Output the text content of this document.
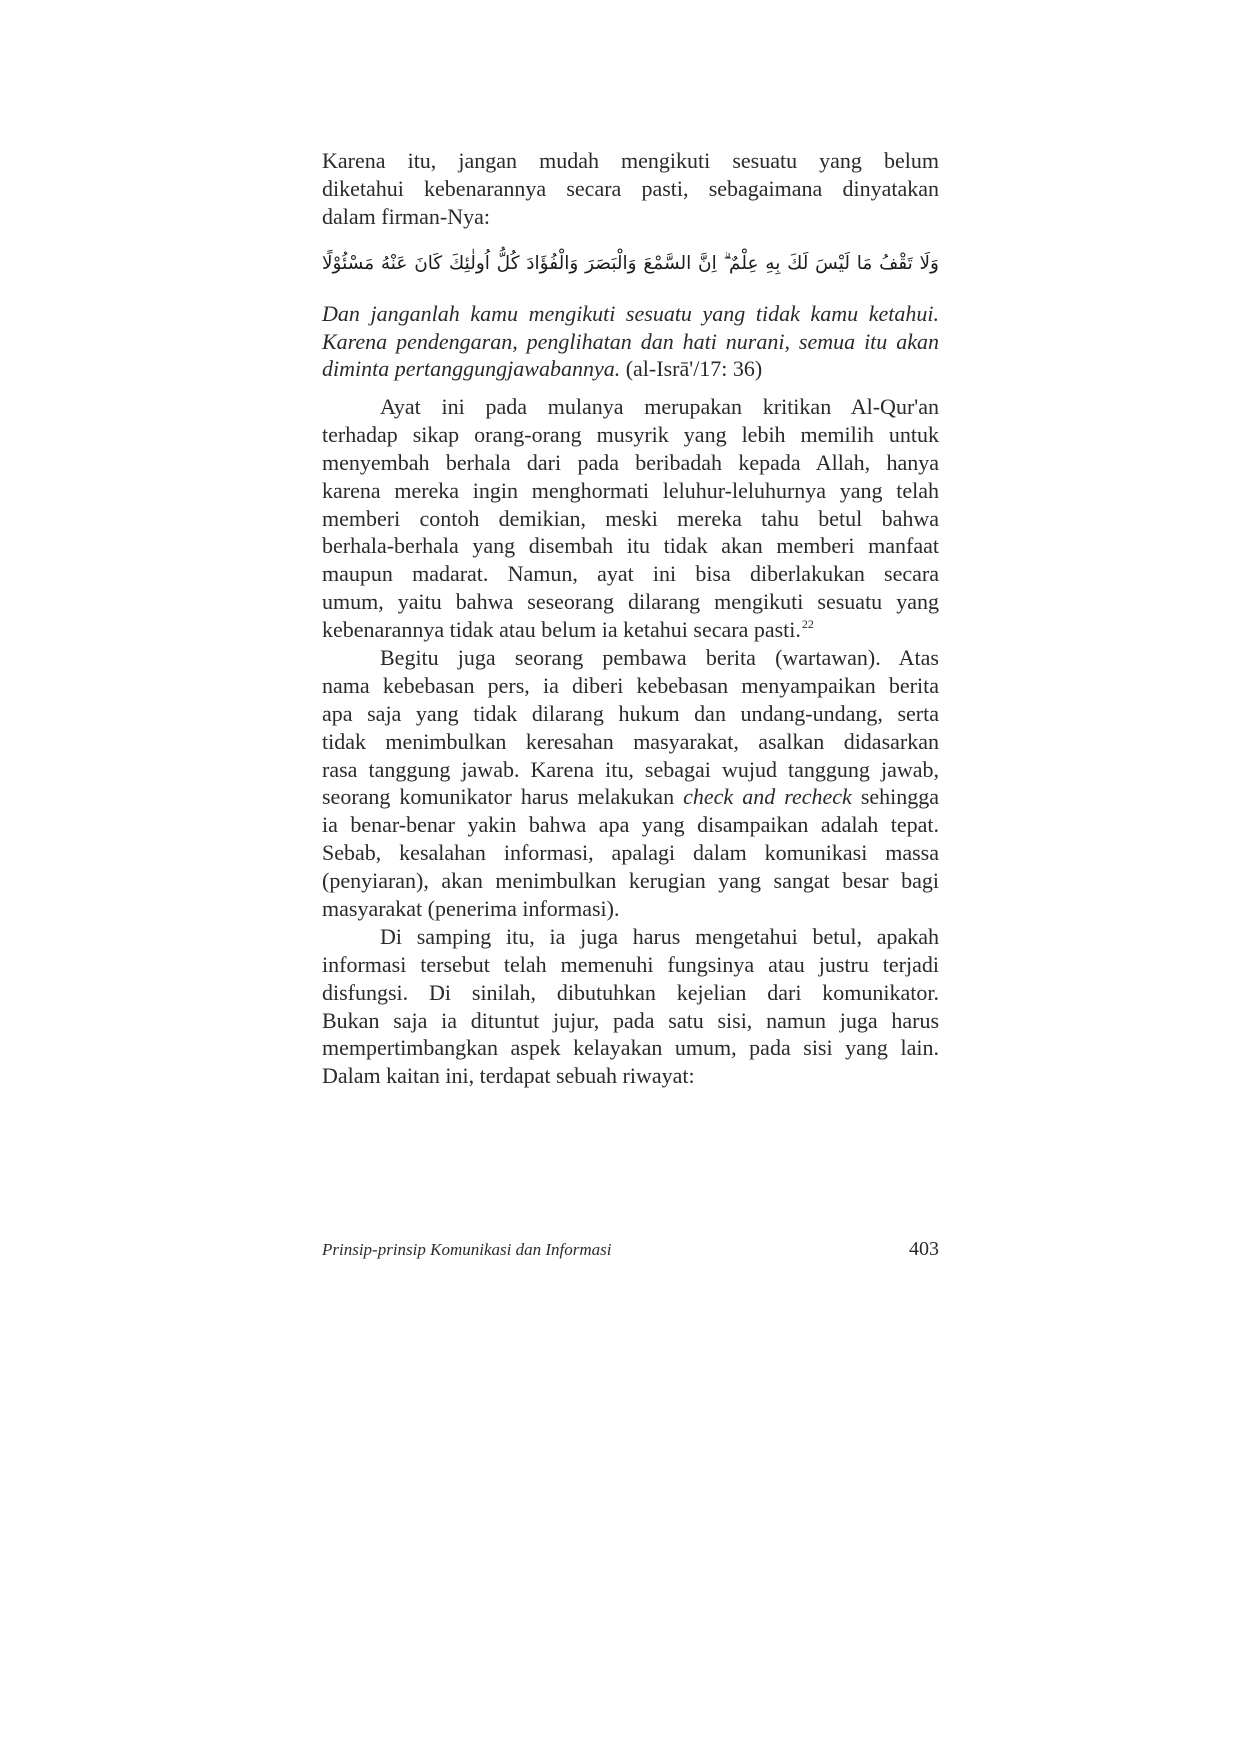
Karena itu, jangan mudah mengikuti sesuatu yang belum
diketahui kebenarannya secara pasti, sebagaimana dinyatakan
dalam firman-Nya:
وَلَا تَقْفُ مَا لَيْسَ لَكَ بِهِ عِلْمٌ ۗ اِنَّ السَّمْعَ وَالْبَصَرَ وَالْفُؤَادَ كُلُّ اُولٰئِكَ كَانَ عَنْهُ مَسْئُوْلًا
Dan janganlah kamu mengikuti sesuatu yang tidak kamu ketahui.
Karena pendengaran, penglihatan dan hati nurani, semua itu akan
diminta pertanggungjawabannya. (al-Isrā'/17: 36)
Ayat ini pada mulanya merupakan kritikan Al-Qur'an
terhadap sikap orang-orang musyrik yang lebih memilih untuk
menyembah berhala dari pada beribadah kepada Allah, hanya
karena mereka ingin menghormati leluhur-leluhurnya yang telah
memberi contoh demikian, meski mereka tahu betul bahwa
berhala-berhala yang disembah itu tidak akan memberi manfaat
maupun madarat. Namun, ayat ini bisa diberlakukan secara
umum, yaitu bahwa seseorang dilarang mengikuti sesuatu yang
kebenarannya tidak atau belum ia ketahui secara pasti.$^{22}$
Begitu juga seorang pembawa berita (wartawan). Atas
nama kebebasan pers, ia diberi kebebasan menyampaikan berita
apa saja yang tidak dilarang hukum dan undang-undang, serta
tidak menimbulkan keresahan masyarakat, asalkan didasarkan
rasa tanggung jawab. Karena itu, sebagai wujud tanggung jawab,
seorang komunikator harus melakukan check and recheck sehingga
ia benar-benar yakin bahwa apa yang disampaikan adalah tepat.
Sebab, kesalahan informasi, apalagi dalam komunikasi massa
(penyiaran), akan menimbulkan kerugian yang sangat besar bagi
masyarakat (penerima informasi).
Di samping itu, ia juga harus mengetahui betul, apakah
informasi tersebut telah memenuhi fungsinya atau justru terjadi
disfungsi. Di sinilah, dibutuhkan kejelian dari komunikator.
Bukan saja ia dituntut jujur, pada satu sisi, namun juga harus
mempertimbangkan aspek kelayakan umum, pada sisi yang lain.
Dalam kaitan ini, terdapat sebuah riwayat:
Prinsip-prinsip Komunikasi dan Informasi	403
